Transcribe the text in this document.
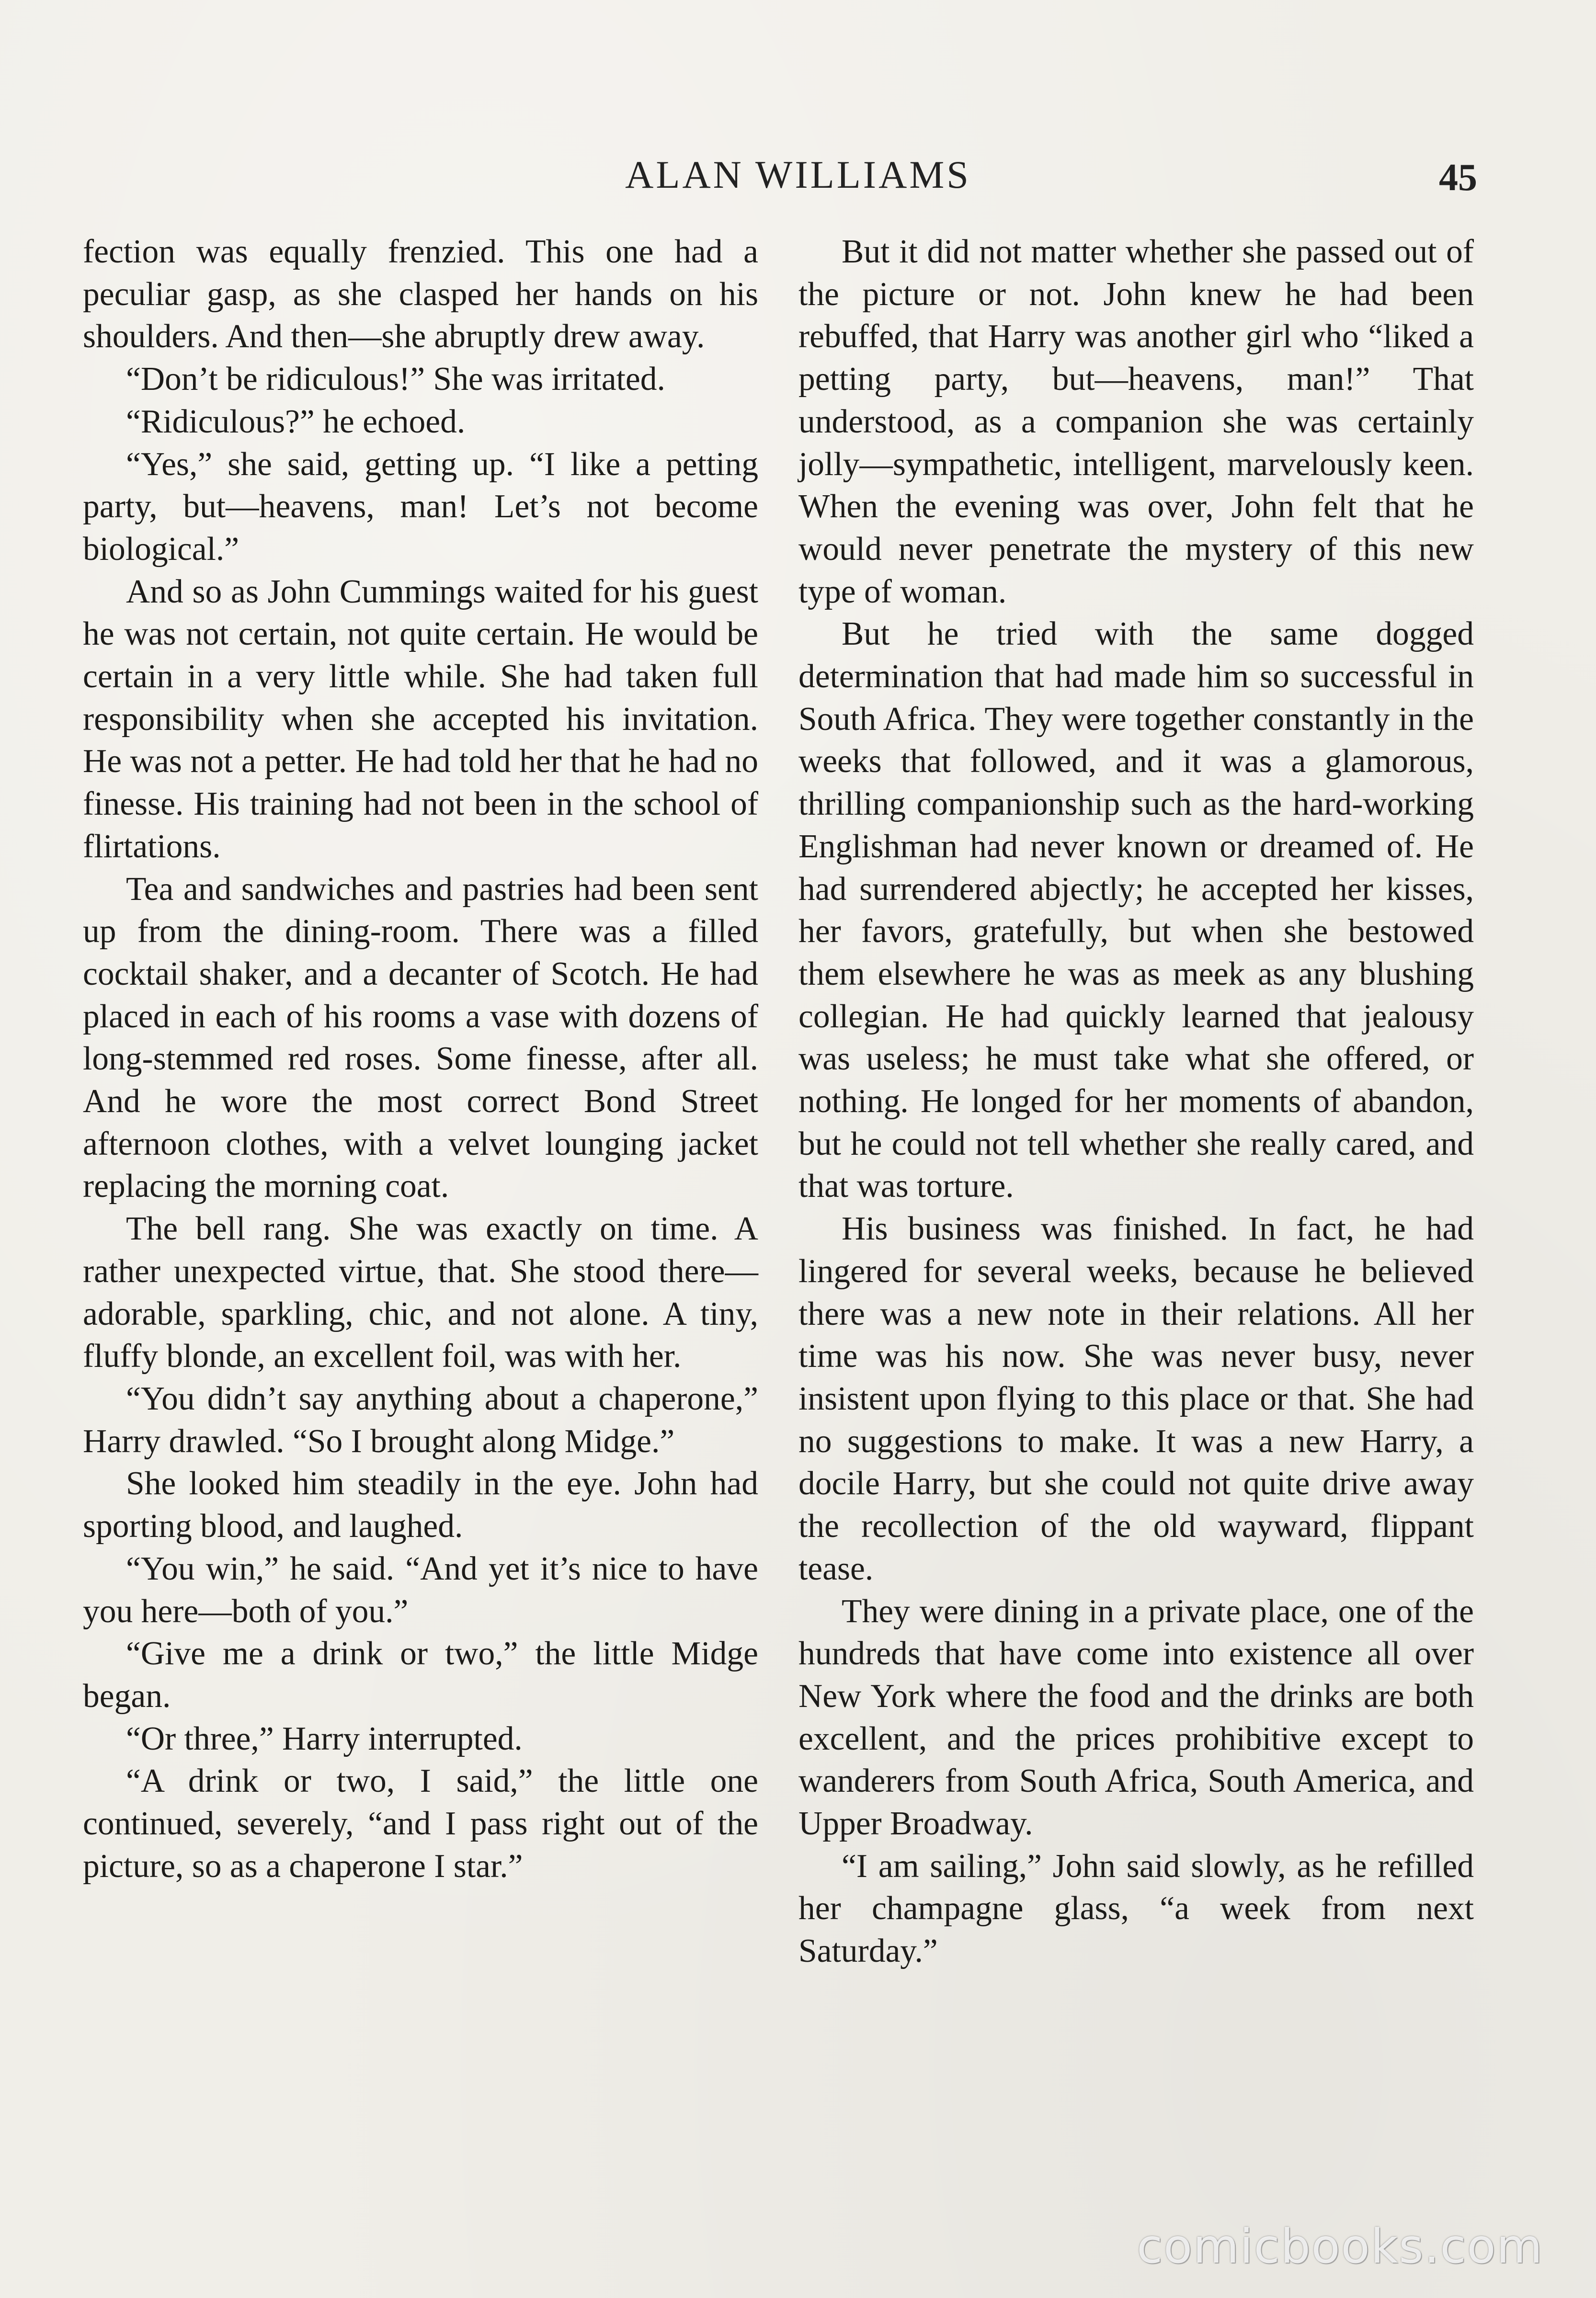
ALAN WILLIAMS	45

fection was equally frenzied. This one had a peculiar gasp, as she clasped her hands on his shoulders. And then—she abruptly drew away.

“Don’t be ridiculous!” She was irritated.

“Ridiculous?” he echoed.

“Yes,” she said, getting up. “I like a petting party, but—heavens, man! Let’s not become biological.”

And so as John Cummings waited for his guest he was not certain, not quite certain. He would be certain in a very little while. She had taken full responsibility when she accepted his invitation. He was not a petter. He had told her that he had no finesse. His training had not been in the school of flirtations.

Tea and sandwiches and pastries had been sent up from the dining-room. There was a filled cocktail shaker, and a decanter of Scotch. He had placed in each of his rooms a vase with dozens of long-stemmed red roses. Some finesse, after all. And he wore the most correct Bond Street afternoon clothes, with a velvet lounging jacket replacing the morning coat.

The bell rang. She was exactly on time. A rather unexpected virtue, that. She stood there—adorable, sparkling, chic, and not alone. A tiny, fluffy blonde, an excellent foil, was with her.

“You didn’t say anything about a chaperone,” Harry drawled. “So I brought along Midge.”

She looked him steadily in the eye. John had sporting blood, and laughed.

“You win,” he said. “And yet it’s nice to have you here—both of you.”

“Give me a drink or two,” the little Midge began.

“Or three,” Harry interrupted.

“A drink or two, I said,” the little one continued, severely, “and I pass right out of the picture, so as a chaperone I star.”

But it did not matter whether she passed out of the picture or not. John knew he had been rebuffed, that Harry was another girl who “liked a petting party, but—heavens, man!” That understood, as a companion she was certainly jolly—sympathetic, intelligent, marvelously keen. When the evening was over, John felt that he would never penetrate the mystery of this new type of woman.

But he tried with the same dogged determination that had made him so successful in South Africa. They were together constantly in the weeks that followed, and it was a glamorous, thrilling companionship such as the hard-working Englishman had never known or dreamed of. He had surrendered abjectly; he accepted her kisses, her favors, gratefully, but when she bestowed them elsewhere he was as meek as any blushing collegian. He had quickly learned that jealousy was useless; he must take what she offered, or nothing. He longed for her moments of abandon, but he could not tell whether she really cared, and that was torture.

His business was finished. In fact, he had lingered for several weeks, because he believed there was a new note in their relations. All her time was his now. She was never busy, never insistent upon flying to this place or that. She had no suggestions to make. It was a new Harry, a docile Harry, but she could not quite drive away the recollection of the old wayward, flippant tease.

They were dining in a private place, one of the hundreds that have come into existence all over New York where the food and the drinks are both excellent, and the prices prohibitive except to wanderers from South Africa, South America, and Upper Broadway.

“I am sailing,” John said slowly, as he refilled her champagne glass, “a week from next Saturday.”

comicbooks.com
